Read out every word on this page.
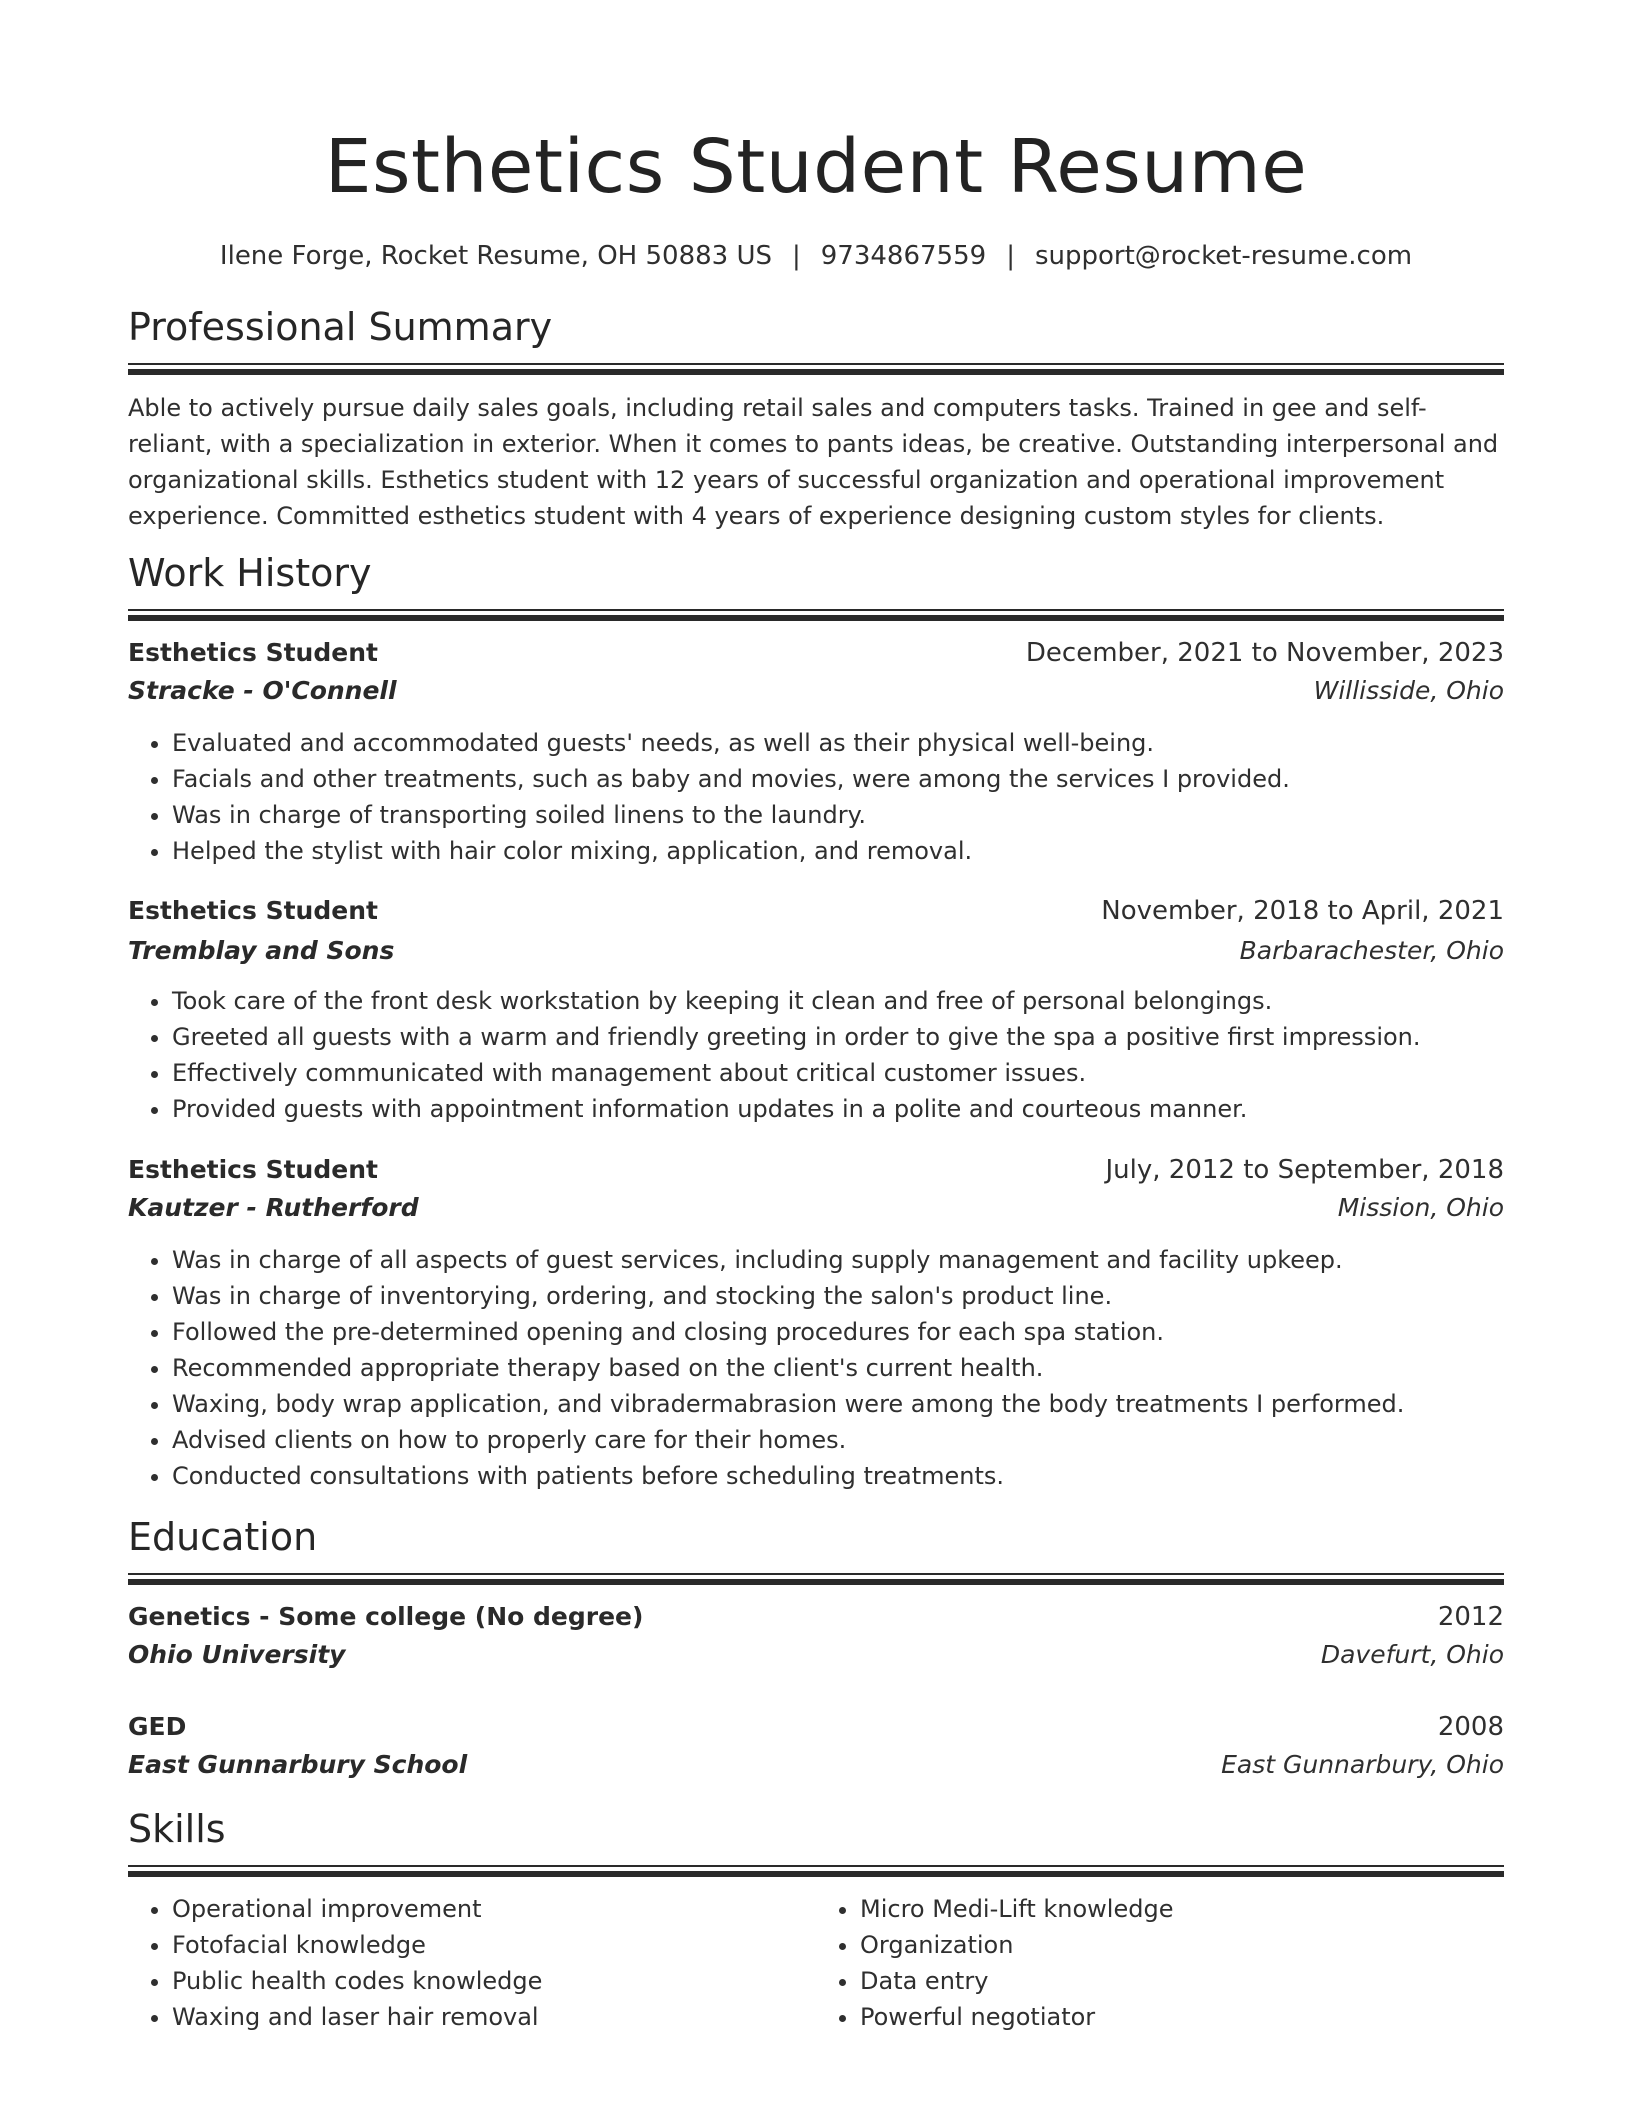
Esthetics Student Resume
Ilene Forge, Rocket Resume, OH 50883 US | 9734867559 | support@rocket-resume.com
Professional Summary
Able to actively pursue daily sales goals, including retail sales and computers tasks. Trained in gee and self-reliant, with a specialization in exterior. When it comes to pants ideas, be creative. Outstanding interpersonal and organizational skills. Esthetics student with 12 years of successful organization and operational improvement experience. Committed esthetics student with 4 years of experience designing custom styles for clients.
Work History
Esthetics Student	December, 2021 to November, 2023
Stracke - O'Connell	Willisside, Ohio
• Evaluated and accommodated guests' needs, as well as their physical well-being.
• Facials and other treatments, such as baby and movies, were among the services I provided.
• Was in charge of transporting soiled linens to the laundry.
• Helped the stylist with hair color mixing, application, and removal.
Esthetics Student	November, 2018 to April, 2021
Tremblay and Sons	Barbarachester, Ohio
• Took care of the front desk workstation by keeping it clean and free of personal belongings.
• Greeted all guests with a warm and friendly greeting in order to give the spa a positive first impression.
• Effectively communicated with management about critical customer issues.
• Provided guests with appointment information updates in a polite and courteous manner.
Esthetics Student	July, 2012 to September, 2018
Kautzer - Rutherford	Mission, Ohio
• Was in charge of all aspects of guest services, including supply management and facility upkeep.
• Was in charge of inventorying, ordering, and stocking the salon's product line.
• Followed the pre-determined opening and closing procedures for each spa station.
• Recommended appropriate therapy based on the client's current health.
• Waxing, body wrap application, and vibradermabrasion were among the body treatments I performed.
• Advised clients on how to properly care for their homes.
• Conducted consultations with patients before scheduling treatments.
Education
Genetics - Some college (No degree)	2012
Ohio University	Davefurt, Ohio
GED	2008
East Gunnarbury School	East Gunnarbury, Ohio
Skills
• Operational improvement
• Fotofacial knowledge
• Public health codes knowledge
• Waxing and laser hair removal
• Micro Medi-Lift knowledge
• Organization
• Data entry
• Powerful negotiator
